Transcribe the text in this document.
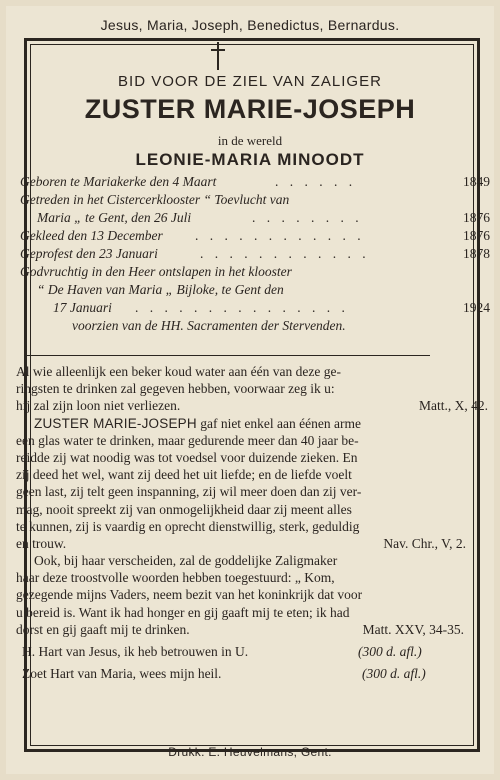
Jesus, Maria, Joseph, Benedictus, Bernardus.
BID VOOR DE ZIEL VAN ZALIGER
ZUSTER MARIE-JOSEPH
in de wereld
LEONIE-MARIA MINOODT
Geboren te Mariakerke den 4 Maart	. . . . . .	1849
Getreden in het Cistercerklooster “ Toevlucht van
Maria „ te Gent, den 26 Juli	. . . . . . . .	1876
Gekleed den 13 December . . . . . . . . . . . .	1876
Geprofest den 23 Januari	. . . . . . . . . . . .	1878
Godvruchtig in den Heer ontslapen in het klooster
“ De Haven van Maria „ Bijloke, te Gent den
17 Januari . . . . . . . . . . . . . . .	1924
voorzien van de HH. Sacramenten der Stervenden.
Al wie alleenlijk een beker koud water aan één van deze ge-
ringsten te drinken zal gegeven hebben, voorwaar zeg ik u:
hij zal zijn loon niet verliezen.	Matt., X, 42.
ZUSTER MARIE-JOSEPH gaf niet enkel aan éénen arme
een glas water te drinken, maar gedurende meer dan 40 jaar be-
reidde zij wat noodig was tot voedsel voor duizende zieken. En
zij deed het wel, want zij deed het uit liefde; en de liefde voelt
geen last, zij telt geen inspanning, zij wil meer doen dan zij ver-
mag, nooit spreekt zij van onmogelijkheid daar zij meent alles
te kunnen, zij is vaardig en oprecht dienstwillig, sterk, geduldig
en trouw.	Nav. Chr., V, 2.
Ook, bij haar verscheiden, zal de goddelijke Zaligmaker
haar deze troostvolle woorden hebben toegestuurd: „ Kom,
gezegende mijns Vaders, neem bezit van het koninkrijk dat voor
u bereid is. Want ik had honger en gij gaaft mij te eten; ik had
dorst en gij gaaft mij te drinken.	Matt. XXV, 34-35.
H. Hart van Jesus, ik heb betrouwen in U.	(300 d. afl.)
Zoet Hart van Maria, wees mijn heil.	(300 d. afl.)
Drukk. E. Heuvelmans, Gent.
